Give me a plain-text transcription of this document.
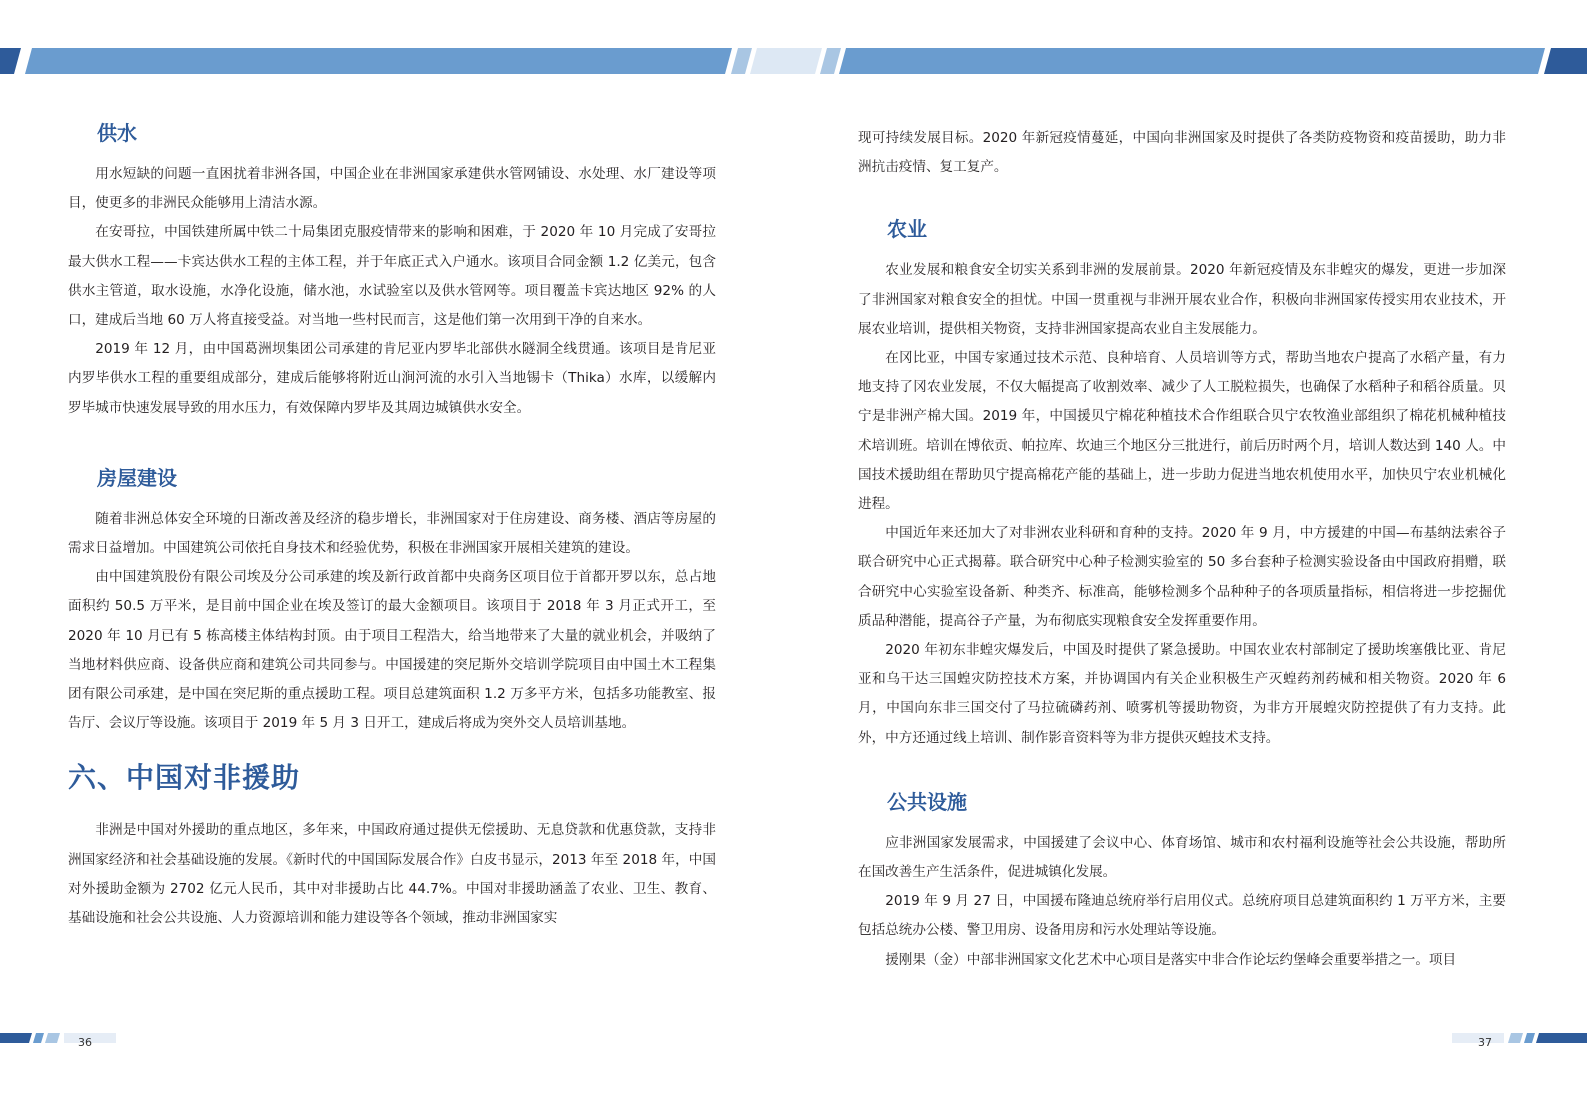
供水

用水短缺的问题一直困扰着非洲各国，中国企业在非洲国家承建供水管网铺设、水处理、水厂建设等项目，使更多的非洲民众能够用上清洁水源。

在安哥拉，中国铁建所属中铁二十局集团克服疫情带来的影响和困难，于 2020 年 10 月完成了安哥拉最大供水工程——卡宾达供水工程的主体工程，并于年底正式入户通水。该项目合同金额 1.2 亿美元，包含供水主管道，取水设施，水净化设施，储水池，水试验室以及供水管网等。项目覆盖卡宾达地区 92% 的人口，建成后当地 60 万人将直接受益。对当地一些村民而言，这是他们第一次用到干净的自来水。

2019 年 12 月，由中国葛洲坝集团公司承建的肯尼亚内罗毕北部供水隧洞全线贯通。该项目是肯尼亚内罗毕供水工程的重要组成部分，建成后能够将附近山涧河流的水引入当地锡卡（Thika）水库，以缓解内罗毕城市快速发展导致的用水压力，有效保障内罗毕及其周边城镇供水安全。

房屋建设

随着非洲总体安全环境的日渐改善及经济的稳步增长，非洲国家对于住房建设、商务楼、酒店等房屋的需求日益增加。中国建筑公司依托自身技术和经验优势，积极在非洲国家开展相关建筑的建设。

由中国建筑股份有限公司埃及分公司承建的埃及新行政首都中央商务区项目位于首都开罗以东，总占地面积约 50.5 万平米，是目前中国企业在埃及签订的最大金额项目。该项目于 2018 年 3 月正式开工，至 2020 年 10 月已有 5 栋高楼主体结构封顶。由于项目工程浩大，给当地带来了大量的就业机会，并吸纳了当地材料供应商、设备供应商和建筑公司共同参与。中国援建的突尼斯外交培训学院项目由中国土木工程集团有限公司承建，是中国在突尼斯的重点援助工程。项目总建筑面积 1.2 万多平方米，包括多功能教室、报告厅、会议厅等设施。该项目于 2019 年 5 月 3 日开工，建成后将成为突外交人员培训基地。

六、中国对非援助

非洲是中国对外援助的重点地区，多年来，中国政府通过提供无偿援助、无息贷款和优惠贷款，支持非洲国家经济和社会基础设施的发展。《新时代的中国国际发展合作》白皮书显示，2013 年至 2018 年，中国对外援助金额为 2702 亿元人民币，其中对非援助占比 44.7%。中国对非援助涵盖了农业、卫生、教育、基础设施和社会公共设施、人力资源培训和能力建设等各个领域，推动非洲国家实

现可持续发展目标。2020 年新冠疫情蔓延，中国向非洲国家及时提供了各类防疫物资和疫苗援助，助力非洲抗击疫情、复工复产。

农业

农业发展和粮食安全切实关系到非洲的发展前景。2020 年新冠疫情及东非蝗灾的爆发，更进一步加深了非洲国家对粮食安全的担忧。中国一贯重视与非洲开展农业合作，积极向非洲国家传授实用农业技术，开展农业培训，提供相关物资，支持非洲国家提高农业自主发展能力。

在冈比亚，中国专家通过技术示范、良种培育、人员培训等方式，帮助当地农户提高了水稻产量，有力地支持了冈农业发展，不仅大幅提高了收割效率、减少了人工脱粒损失，也确保了水稻种子和稻谷质量。贝宁是非洲产棉大国。2019 年，中国援贝宁棉花种植技术合作组联合贝宁农牧渔业部组织了棉花机械种植技术培训班。培训在博依贡、帕拉库、坎迪三个地区分三批进行，前后历时两个月，培训人数达到 140 人。中国技术援助组在帮助贝宁提高棉花产能的基础上，进一步助力促进当地农机使用水平，加快贝宁农业机械化进程。

中国近年来还加大了对非洲农业科研和育种的支持。2020 年 9 月，中方援建的中国—布基纳法索谷子联合研究中心正式揭幕。联合研究中心种子检测实验室的 50 多台套种子检测实验设备由中国政府捐赠，联合研究中心实验室设备新、种类齐、标准高，能够检测多个品种种子的各项质量指标，相信将进一步挖掘优质品种潜能，提高谷子产量，为布彻底实现粮食安全发挥重要作用。

2020 年初东非蝗灾爆发后，中国及时提供了紧急援助。中国农业农村部制定了援助埃塞俄比亚、肯尼亚和乌干达三国蝗灾防控技术方案，并协调国内有关企业积极生产灭蝗药剂药械和相关物资。2020 年 6 月，中国向东非三国交付了马拉硫磷药剂、喷雾机等援助物资，为非方开展蝗灾防控提供了有力支持。此外，中方还通过线上培训、制作影音资料等为非方提供灭蝗技术支持。

公共设施

应非洲国家发展需求，中国援建了会议中心、体育场馆、城市和农村福利设施等社会公共设施，帮助所在国改善生产生活条件，促进城镇化发展。

2019 年 9 月 27 日，中国援布隆迪总统府举行启用仪式。总统府项目总建筑面积约 1 万平方米，主要包括总统办公楼、警卫用房、设备用房和污水处理站等设施。

援刚果（金）中部非洲国家文化艺术中心项目是落实中非合作论坛约堡峰会重要举措之一。项目

36	37
